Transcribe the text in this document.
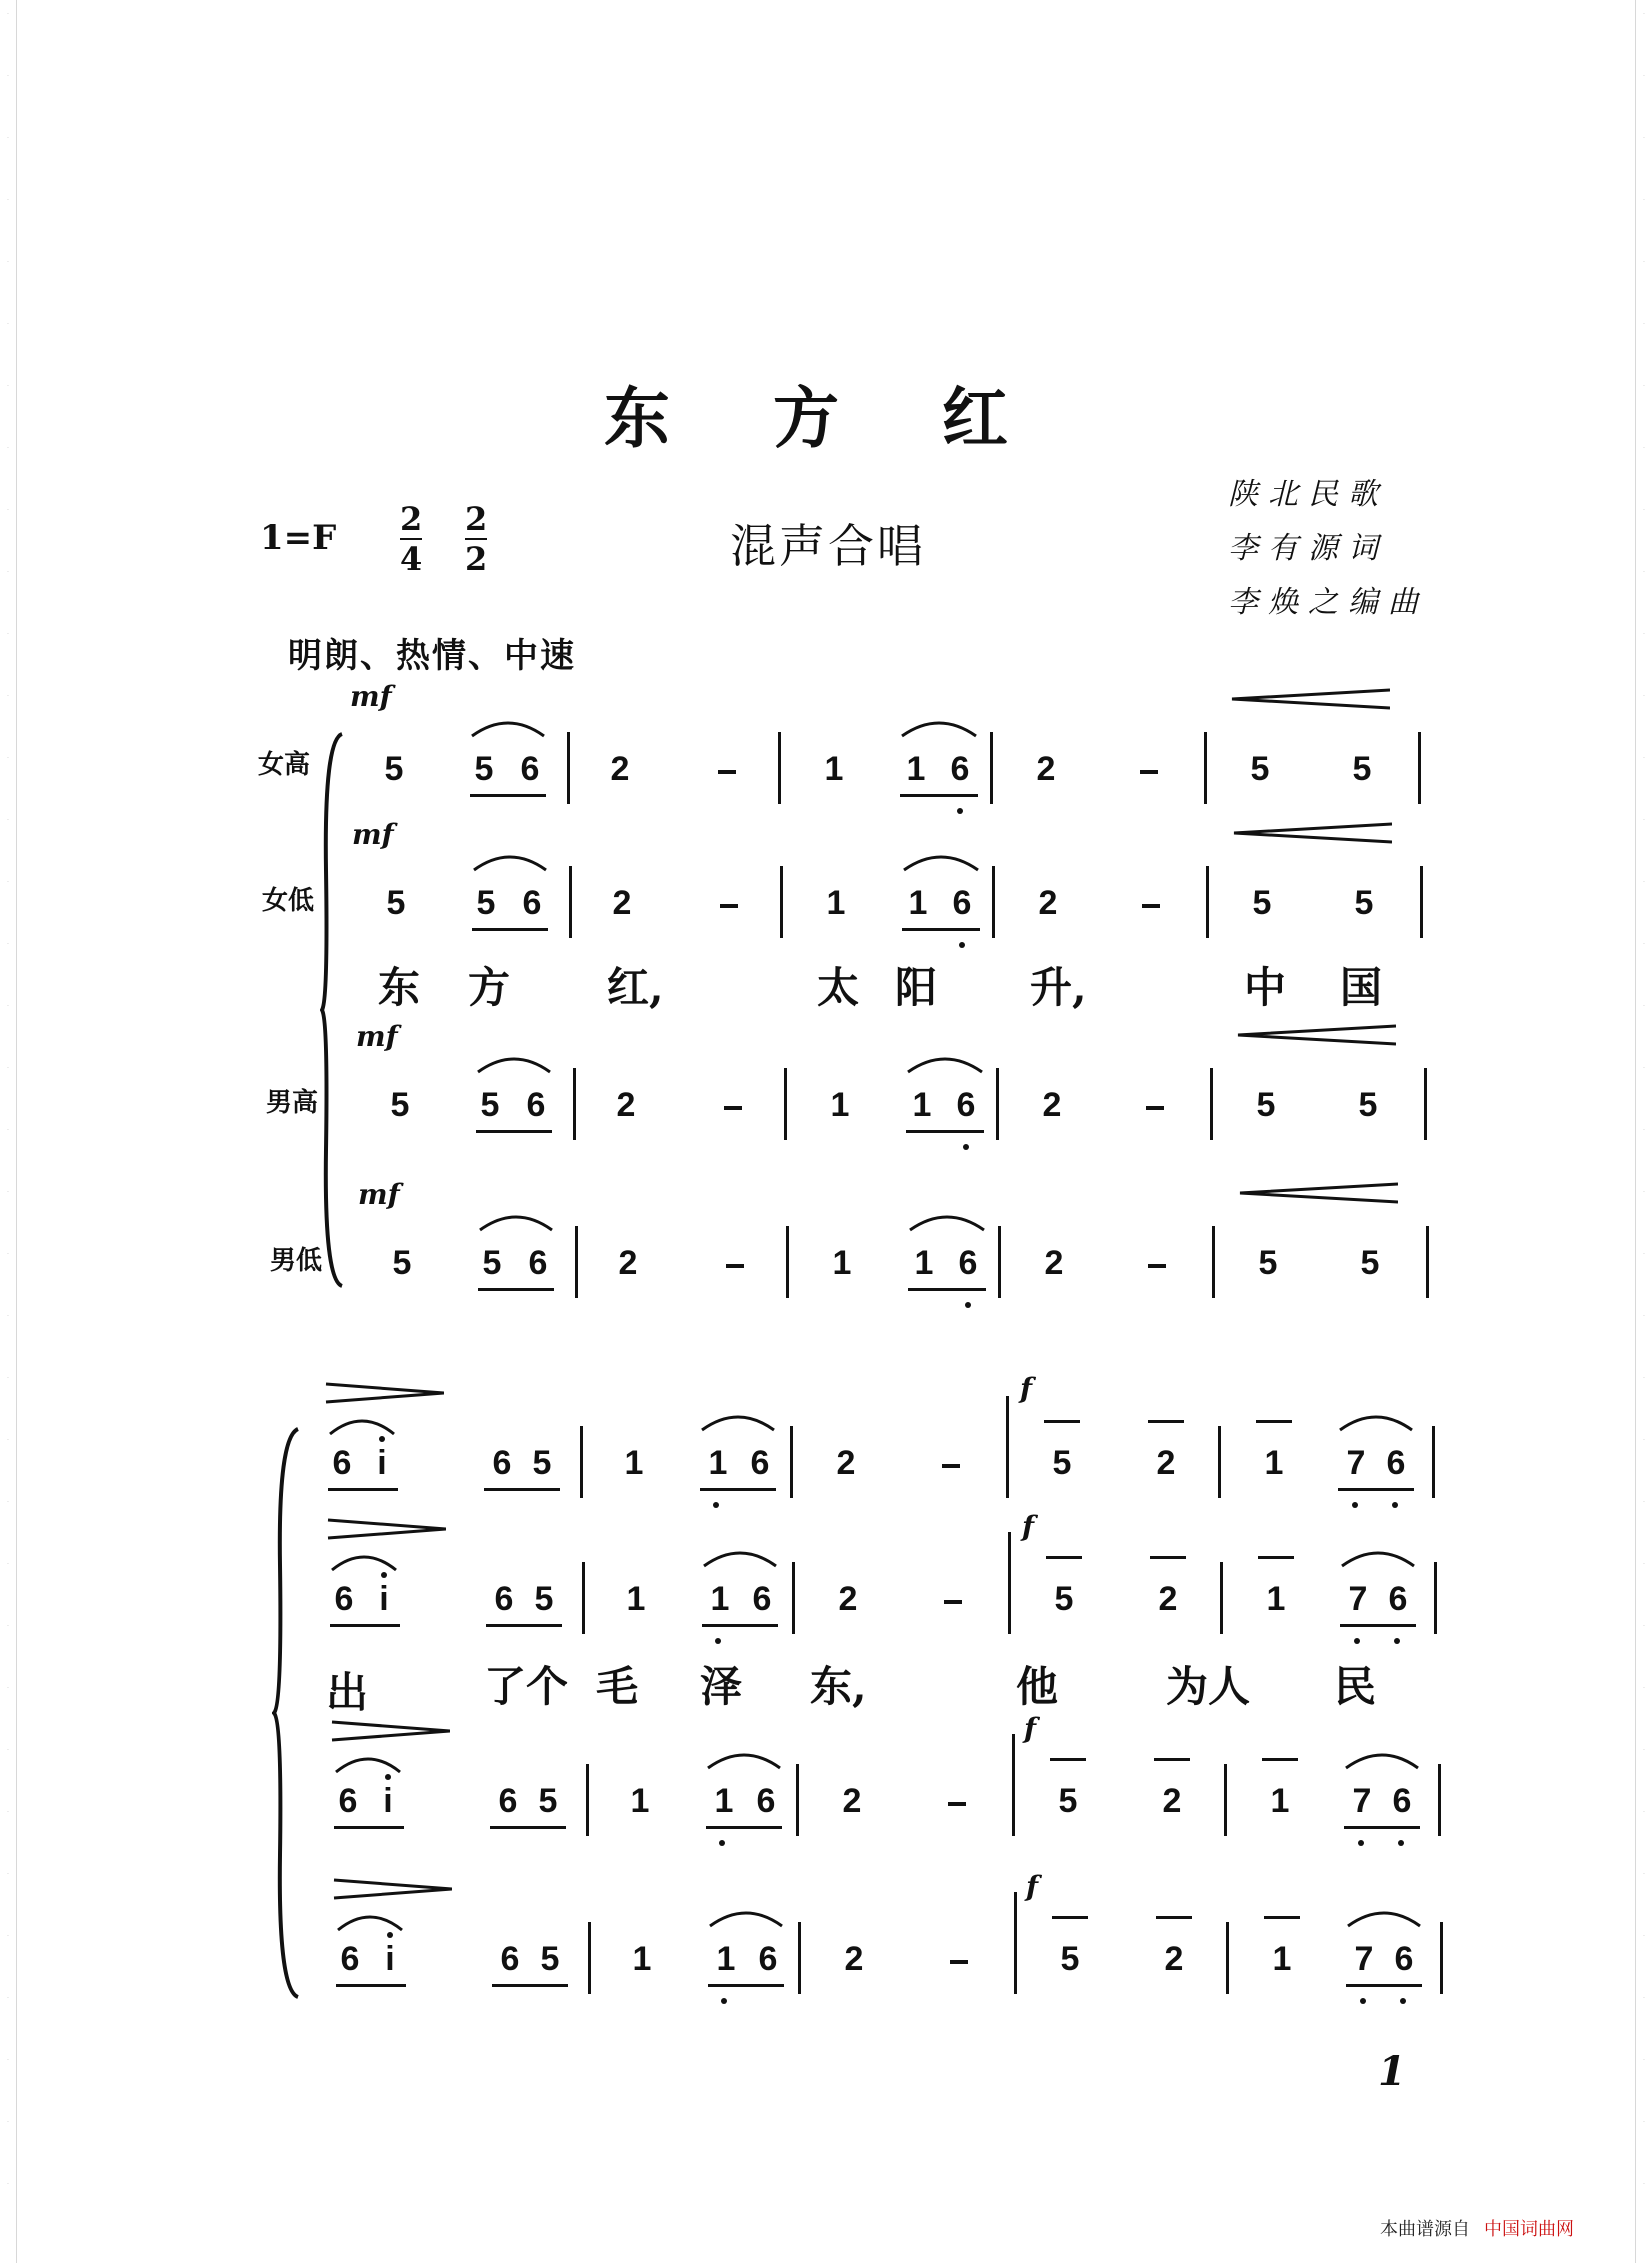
·
·
·
·
·
·
·
·
·
·
·
·
·
·
·
·
·
·
·
·
·
·
·
·
·
·
·
·
·
·
·
·
·
·
·
·
·
·
·
·
·
·
·
·
·
·
·
·
·
·
·
·
·
·
·
·
·
·
·
·
·
·
·
·
·
·
·
·
·
·
·
·
东 方 红
陕北民歌
李有源词
李焕之编曲
1=F 2
4
2
2	混声合唱
明朗、热情、中速
女高
女低
男高
男低
mf
mf
mf
mf
5 5 6 2	1 1 6 2	5 5
5 5 6 2	1 1 6 2	5 5
5 5 6 2	1 1 6 2	5 5
5 5 6 2	1 1 6 2	5 5
东 方 红,	太 阳 升,	中 国
f
f
f
f
6 i	6 5 1 1 6 2	5	2	1 7 6
6 i	6 5 1 1 6 2	5	2	1 7 6
6 i	6 5 1 1 6 2	5	2	1 7 6
6 i	6 5 1 1 6 2	5	2	1 7 6
出	了个 毛 泽 东,	他	为人 民
1
本曲谱源自 中国词曲网
